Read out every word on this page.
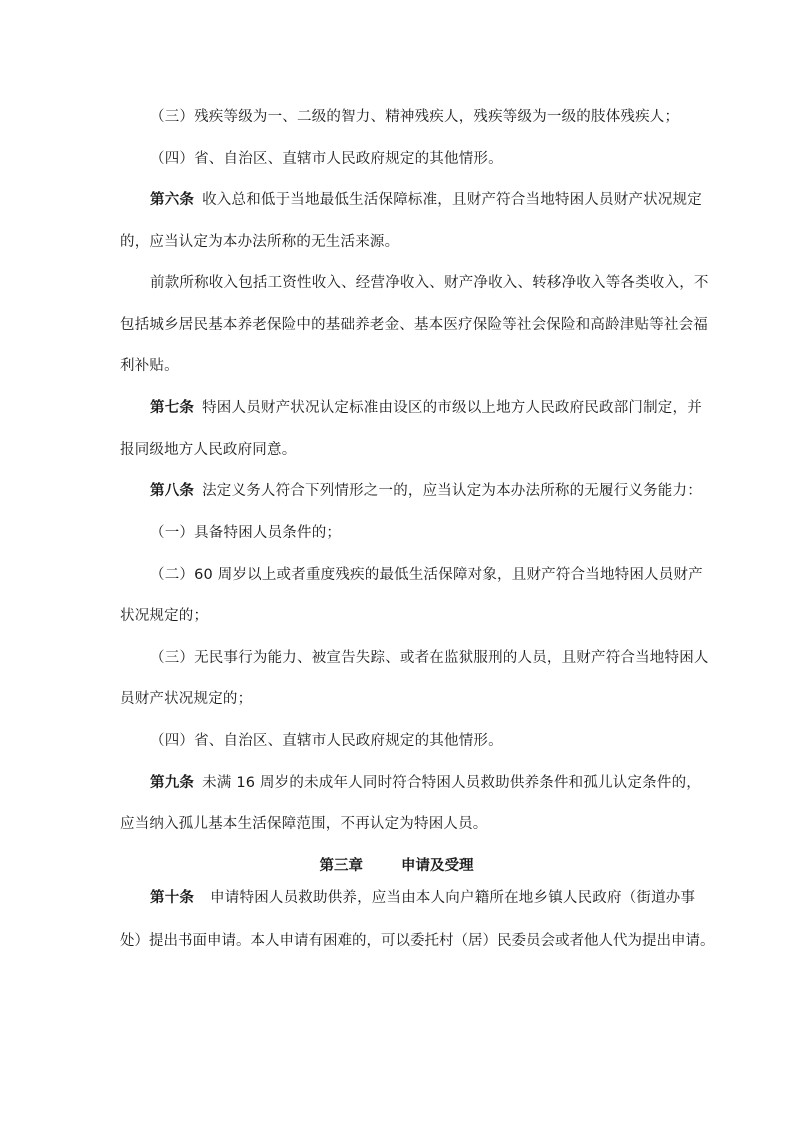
（三）残疾等级为一、二级的智力、精神残疾人，残疾等级为一级的肢体残疾人；
（四）省、自治区、直辖市人民政府规定的其他情形。
第六条 收入总和低于当地最低生活保障标准，且财产符合当地特困人员财产状况规定
的，应当认定为本办法所称的无生活来源。
前款所称收入包括工资性收入、经营净收入、财产净收入、转移净收入等各类收入，不
包括城乡居民基本养老保险中的基础养老金、基本医疗保险等社会保险和高龄津贴等社会福
利补贴。
第七条 特困人员财产状况认定标准由设区的市级以上地方人民政府民政部门制定，并
报同级地方人民政府同意。
第八条 法定义务人符合下列情形之一的，应当认定为本办法所称的无履行义务能力：
（一）具备特困人员条件的；
（二）60 周岁以上或者重度残疾的最低生活保障对象，且财产符合当地特困人员财产
状况规定的；
（三）无民事行为能力、被宣告失踪、或者在监狱服刑的人员，且财产符合当地特困人
员财产状况规定的；
（四）省、自治区、直辖市人民政府规定的其他情形。
第九条 未满 16 周岁的未成年人同时符合特困人员救助供养条件和孤儿认定条件的，
应当纳入孤儿基本生活保障范围，不再认定为特困人员。
第三章	申请及受理
第十条 申请特困人员救助供养，应当由本人向户籍所在地乡镇人民政府（街道办事
处）提出书面申请。本人申请有困难的，可以委托村（居）民委员会或者他人代为提出申请。
